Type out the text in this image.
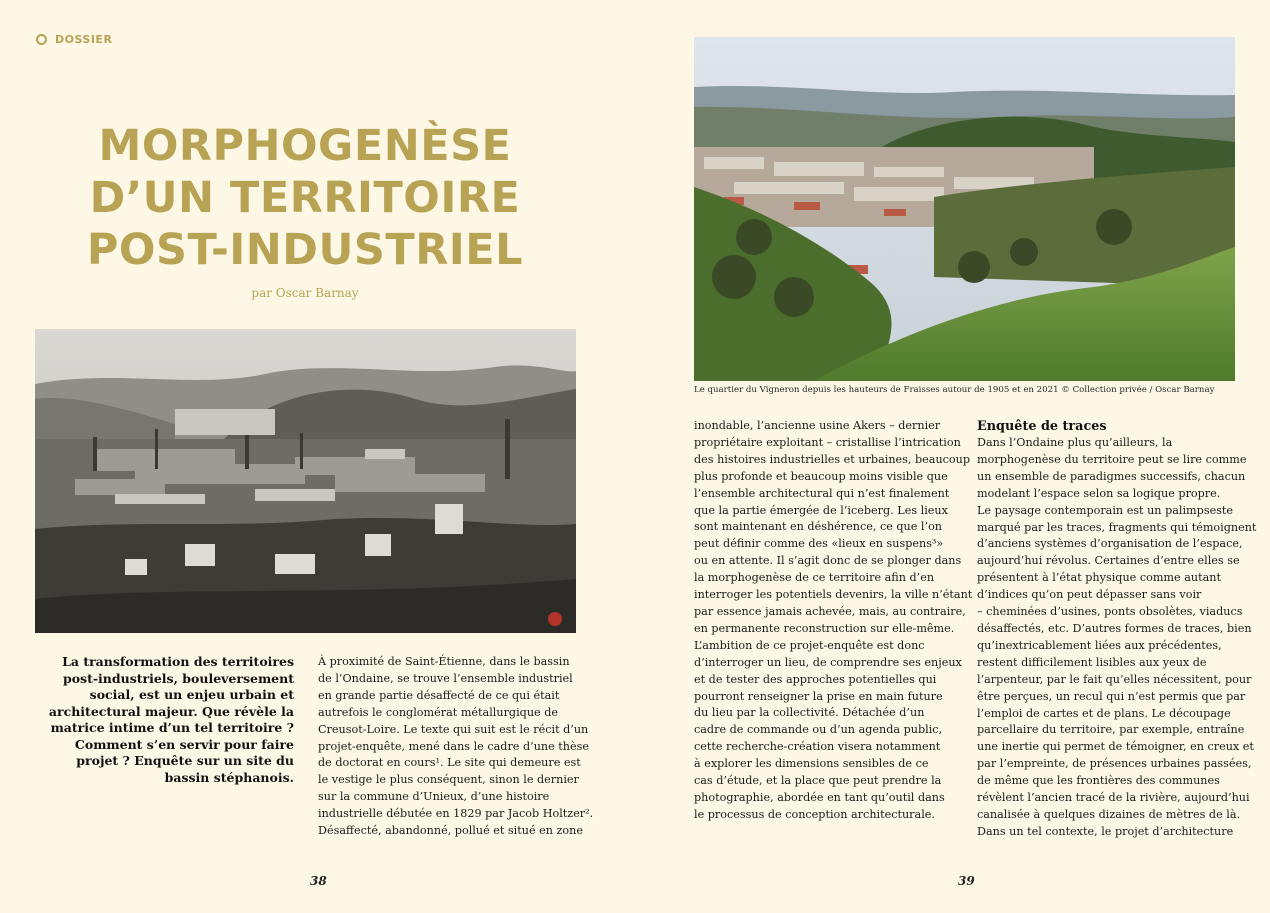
DOSSIER
MORPHOGENÈSE
D’UN TERRITOIRE
POST-INDUSTRIEL
par Oscar Barnay
La transformation des territoires post-industriels, bouleversement social, est un enjeu urbain et architectural majeur. Que révèle la matrice intime d’un tel territoire ? Comment s’en servir pour faire projet ? Enquête sur un site du bassin stéphanois.

À proximité de Saint-Étienne, dans le bassin

de l’Ondaine, se trouve l’ensemble industriel

en grande partie désaffecté de ce qui était

autrefois le conglomérat métallurgique de

Creusot-Loire. Le texte qui suit est le récit d’un

projet-enquête, mené dans le cadre d’une thèse

de doctorat en cours¹. Le site qui demeure est

le vestige le plus conséquent, sinon le dernier

sur la commune d’Unieux, d’une histoire

industrielle débutée en 1829 par Jacob Holtzer².

Désaffecté, abandonné, pollué et situé en zone

38
Le quartier du Vigneron depuis les hauteurs de Fraisses autour de 1905 et en 2021 © Collection privée / Oscar Barnay

inondable, l’ancienne usine Akers – dernier

propriétaire exploitant – cristallise l’intrication

des histoires industrielles et urbaines, beaucoup

plus profonde et beaucoup moins visible que

l’ensemble architectural qui n’est finalement

que la partie émergée de l’iceberg. Les lieux

sont maintenant en déshérence, ce que l’on

peut définir comme des «lieux en suspens³»

ou en attente. Il s’agit donc de se plonger dans

la morphogenèse de ce territoire afin d’en

interroger les potentiels devenirs, la ville n’étant

par essence jamais achevée, mais, au contraire,

en permanente reconstruction sur elle-même.

L’ambition de ce projet-enquête est donc

d’interroger un lieu, de comprendre ses enjeux

et de tester des approches potentielles qui

pourront renseigner la prise en main future

du lieu par la collectivité. Détachée d’un

cadre de commande ou d’un agenda public,

cette recherche-création visera notamment

à explorer les dimensions sensibles de ce

cas d’étude, et la place que peut prendre la

photographie, abordée en tant qu’outil dans

le processus de conception architecturale.

Enquête de traces

Dans l’Ondaine plus qu’ailleurs, la

morphogenèse du territoire peut se lire comme

un ensemble de paradigmes successifs, chacun

modelant l’espace selon sa logique propre.

Le paysage contemporain est un palimpseste

marqué par les traces, fragments qui témoignent

d’anciens systèmes d’organisation de l’espace,

aujourd’hui révolus. Certaines d’entre elles se

présentent à l’état physique comme autant

d’indices qu’on peut dépasser sans voir

– cheminées d’usines, ponts obsolètes, viaducs

désaffectés, etc. D’autres formes de traces, bien

qu’inextricablement liées aux précédentes,

restent difficilement lisibles aux yeux de

l’arpenteur, par le fait qu’elles nécessitent, pour

être perçues, un recul qui n’est permis que par

l’emploi de cartes et de plans. Le découpage

parcellaire du territoire, par exemple, entraîne

une inertie qui permet de témoigner, en creux et

par l’empreinte, de présences urbaines passées,

de même que les frontières des communes

révèlent l’ancien tracé de la rivière, aujourd’hui

canalisée à quelques dizaines de mètres de là.

Dans un tel contexte, le projet d’architecture

39
